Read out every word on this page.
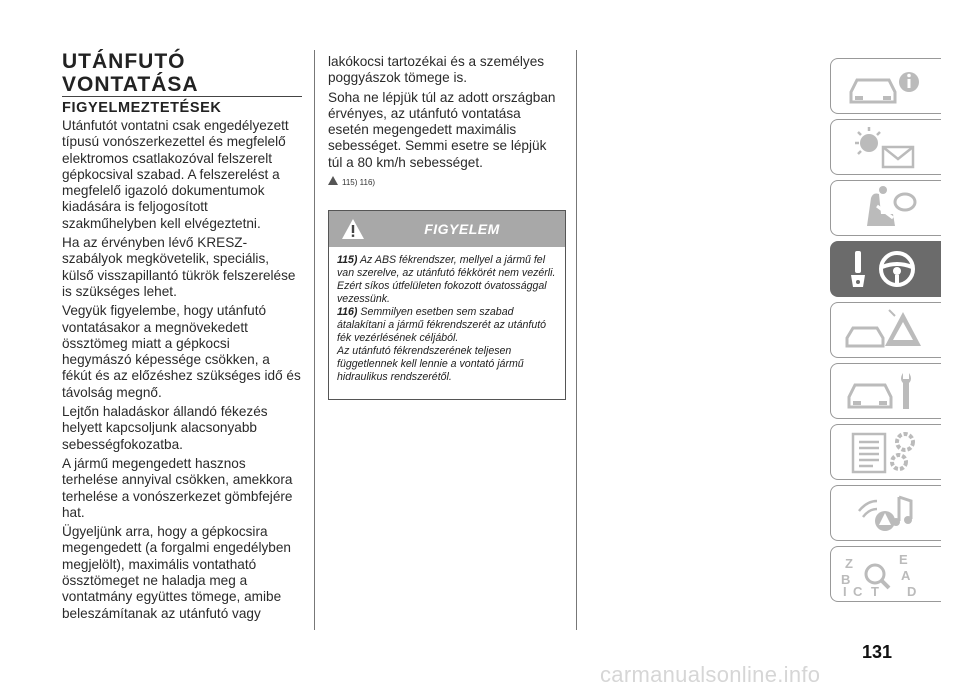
UTÁNFUTÓ
VONTATÁSA
FIGYELMEZTETÉSEK

Utánfutót vontatni csak engedélyezett típusú vonószerkezettel és megfelelő elektromos csatlakozóval felszerelt gépkocsival szabad. A felszerelést a megfelelő igazoló dokumentumok kiadására is feljogosított szakműhelyben kell elvégeztetni.

Ha az érvényben lévő KRESZ-szabályok megkövetelik, speciális, külső visszapillantó tükrök felszerelése is szükséges lehet.

Vegyük figyelembe, hogy utánfutó vontatásakor a megnövekedett össztömeg miatt a gépkocsi hegymászó képessége csökken, a fékút és az előzéshez szükséges idő és távolság megnő.

Lejtőn haladáskor állandó fékezés helyett kapcsoljunk alacsonyabb sebességfokozatba.

A jármű megengedett hasznos terhelése annyival csökken, amekkora terhelése a vonószerkezet gömbfejére hat.

Ügyeljünk arra, hogy a gépkocsira megengedett (a forgalmi engedélyben megjelölt), maximális vontatható össztömeget ne haladja meg a vontatmány együttes tömege, amibe beleszámítanak az utánfutó vagy

lakókocsi tartozékai és a személyes poggyászok tömege is.

Soha ne lépjük túl az adott országban érvényes, az utánfutó vontatása esetén megengedett maximális sebességet. Semmi esetre se lépjük túl a 80 km/h sebességet.

115) 116)
FIGYELEM

115) Az ABS fékrendszer, mellyel a jármű fel van szerelve, az utánfutó fékkörét nem vezérli. Ezért síkos útfelületen fokozott óvatossággal vezessünk.

116) Semmilyen esetben sem szabad átalakítani a jármű fékrendszerét az utánfutó fék vezérlésének céljából.

Az utánfutó fékrendszerének teljesen függetlennek kell lennie a vontató jármű hidraulikus rendszerétől.

Z	E
B	A
C T D
I
131
carmanualsonline.info
